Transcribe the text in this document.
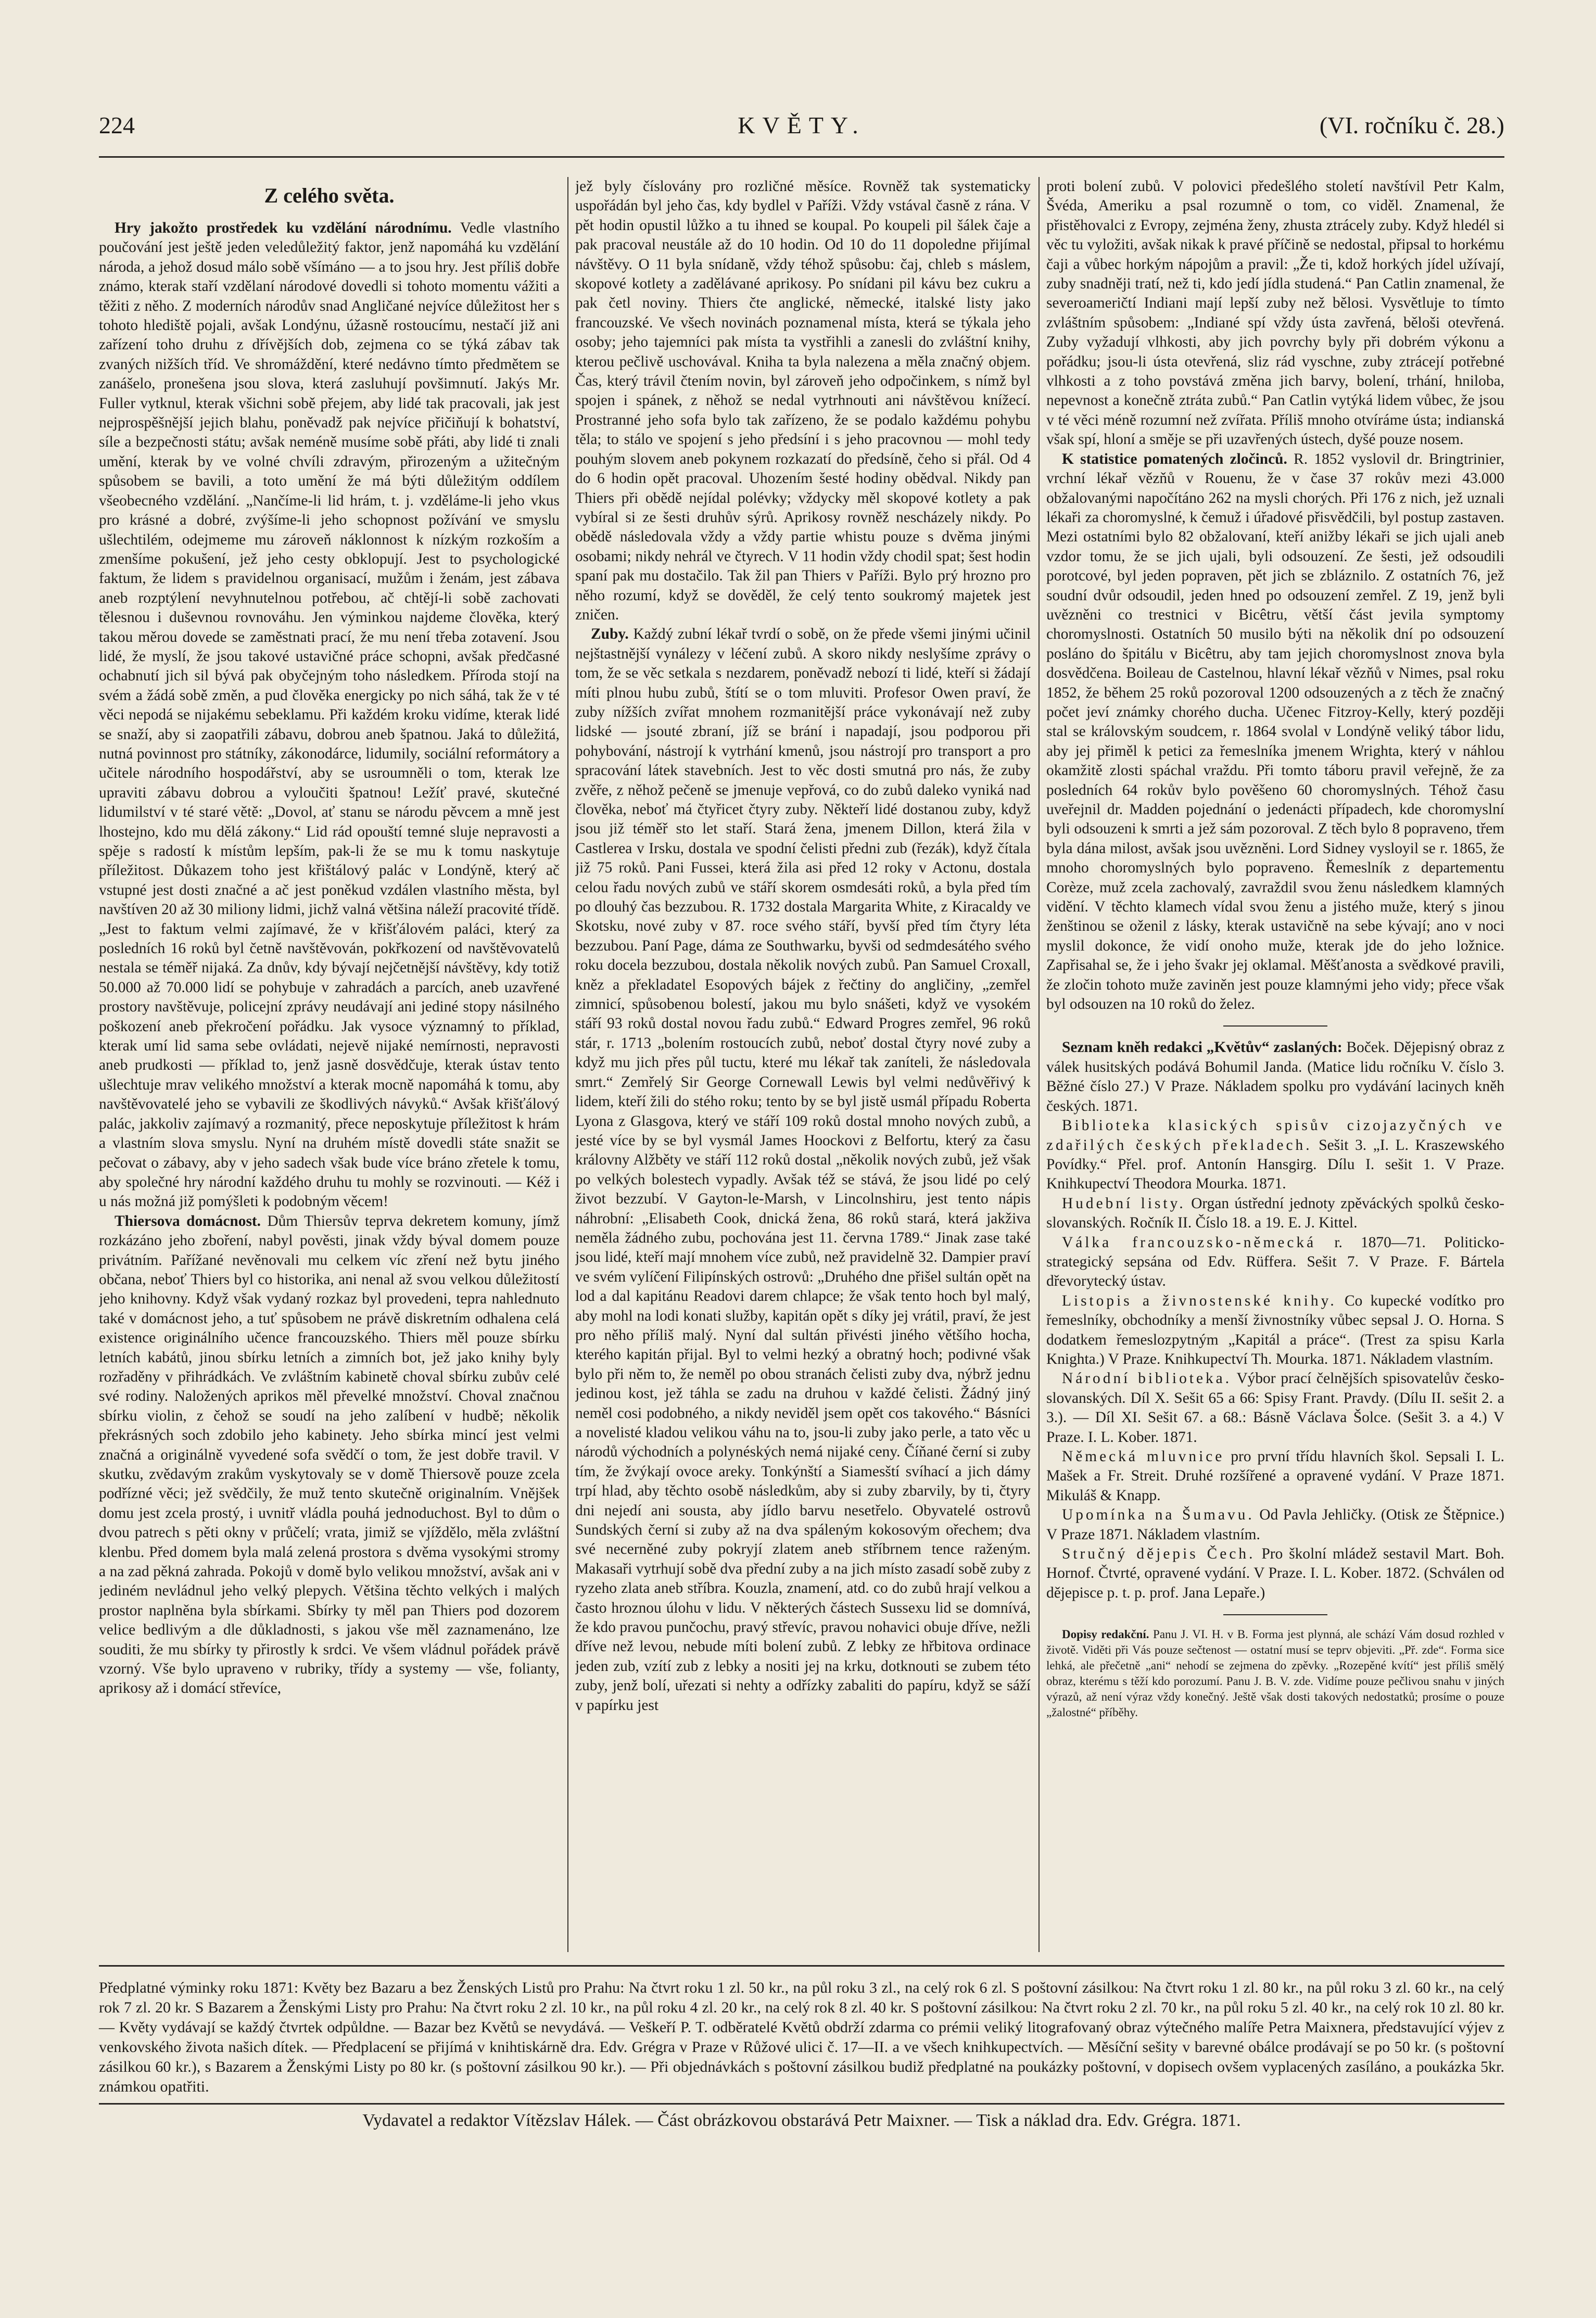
224	KVĚTY.	(VI. ročníku č. 28.)
Z celého světa.

Hry jakožto prostředek ku vzdělání národnímu. Vedle vlastního poučování jest ještě jeden veledůležitý faktor, jenž napomáhá ku vzdělání národa, a jehož dosud málo sobě všímáno — a to jsou hry. Jest příliš dobře známo, kterak staří vzdělaní národové dovedli si tohoto momentu vážiti a těžiti z něho. Z moderních národův snad Angličané nejvíce důležitost her s tohoto hlediště pojali, avšak Londýnu, úžasně rostoucímu, nestačí již ani zařízení toho druhu z dřívějších dob, zejmena co se týká zábav tak zvaných nižších tříd. Ve shromáždění, které nedávno tímto předmětem se zanášelo, pronešena jsou slova, která zasluhují povšimnutí. Jakýs Mr. Fuller vytknul, kterak všichni sobě přejem, aby lidé tak pracovali, jak jest nejprospěšnější jejich blahu, poněvadž pak nejvíce přičiňují k bohatství, síle a bezpečnosti státu; avšak neméně musíme sobě přáti, aby lidé ti znali umění, kterak by ve volné chvíli zdravým, přirozeným a užitečným spůsobem se bavili, a toto umění že má býti důležitým oddílem všeobecného vzdělání. „Nančíme-li lid hrám, t. j. vzděláme-li jeho vkus pro krásné a dobré, zvýšíme-li jeho schopnost požívání ve smyslu ušlechtilém, odejmeme mu zároveň náklonnost k nízkým rozkoším a zmenšíme pokušení, jež jeho cesty obklopují. Jest to psychologické faktum, že lidem s pravidelnou organisací, mužům i ženám, jest zábava aneb rozptýlení nevyhnutelnou potřebou, ač chtějí-li sobě zachovati tělesnou i duševnou rovnováhu. Jen výminkou najdeme člověka, který takou měrou dovede se zaměstnati prací, že mu není třeba zotavení. Jsou lidé, že myslí, že jsou takové ustavičné práce schopni, avšak předčasné ochabnutí jich sil bývá pak obyčejným toho následkem. Příroda stojí na svém a žádá sobě změn, a pud člověka energicky po nich sáhá, tak že v té věci nepodá se nijakému sebeklamu. Při každém kroku vidíme, kterak lidé se snaží, aby si zaopatřili zábavu, dobrou aneb špatnou. Jaká to důležitá, nutná povinnost pro státníky, zákonodárce, lidumily, sociální reformátory a učitele národního hospodářství, aby se usroumněli o tom, kterak lze upraviti zábavu dobrou a vyloučiti špatnou! Ležíť pravé, skutečné lidumilství v té staré větě: „Dovol, ať stanu se národu pěvcem a mně jest lhostejno, kdo mu dělá zákony.“ Lid rád opouští temné sluje nepravosti a spěje s radostí k místům lepším, pak-li že se mu k tomu naskytuje příležitost. Důkazem toho jest křištálový palác v Londýně, který ač vstupné jest dosti značné a ač jest poněkud vzdálen vlastního města, byl navštíven 20 až 30 miliony lidmi, jichž valná většina náleží pracovité třídě. „Jest to faktum velmi zajímavé, že v křišťálovém paláci, který za posledních 16 roků byl četně navštěvován, pokřkození od navštěvovatelů nestala se téměř nijaká. Za dnův, kdy bývají nejčetnější návštěvy, kdy totiž 50.000 až 70.000 lidí se pohybuje v zahradách a parcích, aneb uzavřené prostory navštěvuje, policejní zprávy neudávají ani jediné stopy násilného poškození aneb překročení pořádku. Jak vysoce významný to příklad, kterak umí lid sama sebe ovládati, nejevě nijaké nemírnosti, nepravosti aneb prudkosti — příklad to, jenž jasně dosvědčuje, kterak ústav tento ušlechtuje mrav velikého množství a kterak mocně napomáhá k tomu, aby navštěvovatelé jeho se vybavili ze škodlivých návyků.“ Avšak křišťálový palác, jakkoliv zajímavý a rozmanitý, přece neposkytuje příležitost k hrám a vlastním slova smyslu. Nyní na druhém místě dovedli státe snažit se pečovat o zábavy, aby v jeho sadech však bude více bráno zřetele k tomu, aby společné hry národní každého druhu tu mohly se rozvinouti. — Kéž i u nás možná již pomýšleti k podobným věcem!

Thiersova domácnost. Dům Thiersův teprva dekretem komuny, jímž rozkázáno jeho zboření, nabyl pověsti, jinak vždy býval domem pouze privátním. Pařížané nevěnovali mu celkem víc zření než bytu jiného občana, neboť Thiers byl co historika, ani nenal až svou velkou důležitostí jeho knihovny. Když však vydaný rozkaz byl provedeni, tepra nahlednuto také v domácnost jeho, a tuť spůsobem ne právě diskretním odhalena celá existence originálního učence francouzského. Thiers měl pouze sbírku letních kabátů, jinou sbírku letních a zimních bot, jež jako knihy byly rozřaděny v přihrádkách. Ve zvláštním kabinetě choval sbírku zubův celé své rodiny. Naložených aprikos měl převelké množství. Choval značnou sbírku violin, z čehož se soudí na jeho zalíbení v hudbě; několik překrásných soch zdobilo jeho kabinety. Jeho sbírka mincí jest velmi značná a originálně vyvedené sofa svědčí o tom, že jest dobře travil. V skutku, zvědavým zrakům vyskytovaly se v domě Thiersově pouze zcela podřízné věci; jež svědčily, že muž tento skutečně originalním. Vnějšek domu jest zcela prostý, i uvnitř vládla pouhá jednoduchost. Byl to dům o dvou patrech s pěti okny v průčelí; vrata, jimiž se vjíždělo, měla zvláštní klenbu. Před domem byla malá zelená prostora s dvěma vysokými stromy a na zad pěkná zahrada. Pokojů v domě bylo velikou množství, avšak ani v jediném nevládnul jeho velký plepych. Většina těchto velkých i malých prostor naplněna byla sbírkami. Sbírky ty měl pan Thiers pod dozorem velice bedlivým a dle důkladnosti, s jakou vše měl zaznamenáno, lze souditi, že mu sbírky ty přirostly k srdci. Ve všem vládnul pořádek právě vzorný. Vše bylo upraveno v rubriky, třídy a systemy — vše, folianty, aprikosy až i domácí střevíce,

jež byly číslovány pro rozličné měsíce. Rovněž tak systematicky uspořádán byl jeho čas, kdy bydlel v Paříži. Vždy vstával časně z rána. V pět hodin opustil lůžko a tu ihned se koupal. Po koupeli pil šálek čaje a pak pracoval neustále až do 10 hodin. Od 10 do 11 dopoledne přijímal návštěvy. O 11 byla snídaně, vždy téhož spůsobu: čaj, chleb s máslem, skopové kotlety a zadělávané aprikosy. Po snídani pil kávu bez cukru a pak četl noviny. Thiers čte anglické, německé, italské listy jako francouzské. Ve všech novinách poznamenal místa, která se týkala jeho osoby; jeho tajemníci pak místa ta vystřihli a zanesli do zvláštní knihy, kterou pečlivě uschovával. Kniha ta byla nalezena a měla značný objem. Čas, který trávil čtením novin, byl zároveň jeho odpočinkem, s nímž byl spojen i spánek, z něhož se nedal vytrhnouti ani návštěvou knížecí. Prostranné jeho sofa bylo tak zařízeno, že se podalo každému pohybu těla; to stálo ve spojení s jeho předsíní i s jeho pracovnou — mohl tedy pouhým slovem aneb pokynem rozkazatí do předsíně, čeho si přál. Od 4 do 6 hodin opět pracoval. Uhozením šesté hodiny obědval. Nikdy pan Thiers při obědě nejídal polévky; vždycky měl skopové kotlety a pak vybíral si ze šesti druhův sýrů. Aprikosy rovněž nescházely nikdy. Po obědě následovala vždy a vždy partie whistu pouze s dvěma jinými osobami; nikdy nehrál ve čtyrech. V 11 hodin vždy chodil spat; šest hodin spaní pak mu dostačilo. Tak žil pan Thiers v Paříži. Bylo prý hrozno pro něho rozumí, když se dověděl, že celý tento soukromý majetek jest zničen.

Zuby. Každý zubní lékař tvrdí o sobě, on že přede všemi jinými učinil nejštastnější vynálezy v léčení zubů. A skoro nikdy neslyšíme zprávy o tom, že se věc setkala s nezdarem, poněvadž nebozí ti lidé, kteří si žádají míti plnou hubu zubů, štítí se o tom mluviti. Profesor Owen praví, že zuby nížších zvířat mnohem rozmanitější práce vykonávají než zuby lidské — jsouté zbraní, jíž se brání i napadají, jsou podporou při pohybování, nástrojí k vytrhání kmenů, jsou nástrojí pro transport a pro spracování látek stavebních. Jest to věc dosti smutná pro nás, že zuby zvěře, z něhož pečeně se jmenuje vepřová, co do zubů daleko vyniká nad člověka, neboť má čtyřicet čtyry zuby. Někteří lidé dostanou zuby, když jsou již téměř sto let staří. Stará žena, jmenem Dillon, která žila v Castlerea v Irsku, dostala ve spodní čelisti předni zub (řezák), když čítala již 75 roků. Pani Fussei, která žila asi před 12 roky v Actonu, dostala celou řadu nových zubů ve stáří skorem osmdesáti roků, a byla před tím po dlouhý čas bezzubou. R. 1732 dostala Margarita White, z Kiracaldy ve Skotsku, nové zuby v 87. roce svého stáří, byvší před tím čtyry léta bezzubou. Paní Page, dáma ze Southwarku, byvši od sedmdesátého svého roku docela bezzubou, dostala několik nových zubů. Pan Samuel Croxall, kněz a překladatel Esopových bájek z řečtiny do angličiny, „zemřel zimnicí, spůsobenou bolestí, jakou mu bylo snášeti, když ve vysokém stáří 93 roků dostal novou řadu zubů.“ Edward Progres zemřel, 96 roků stár, r. 1713 „bolením rostoucích zubů, neboť dostal čtyry nové zuby a když mu jich přes půl tuctu, které mu lékař tak zaníteli, že následovala smrt.“ Zemřelý Sir George Cornewall Lewis byl velmi nedůvěřivý k lidem, kteří žili do stého roku; tento by se byl jistě usmál případu Roberta Lyona z Glasgova, který ve stáří 109 roků dostal mnoho nových zubů, a jesté více by se byl vysmál James Hoockovi z Belfortu, který za času královny Alžběty ve stáří 112 roků dostal „několik nových zubů, jež však po velkých bolestech vypadly. Avšak též se stává, že jsou lidé po celý život bezzubí. V Gayton-le-Marsh, v Lincolnshiru, jest tento nápis náhrobní: „Elisabeth Cook, dnická žena, 86 roků stará, která jakživa neměla žádného zubu, pochována jest 11. června 1789.“ Jinak zase také jsou lidé, kteří mají mnohem více zubů, než pravidelně 32. Dampier praví ve svém vylíčení Filipínských ostrovů: „Druhého dne přišel sultán opět na lod a dal kapitánu Readovi darem chlapce; že však tento hoch byl malý, aby mohl na lodi konati služby, kapitán opět s díky jej vrátil, praví, že jest pro něho příliš malý. Nyní dal sultán přivésti jiného většího hocha, kterého kapitán přijal. Byl to velmi hezký a obratný hoch; podivné však bylo při něm to, že neměl po obou stranách čelisti zuby dva, nýbrž jednu jedinou kost, jež táhla se zadu na druhou v každé čelisti. Žádný jiný neměl cosi podobného, a nikdy neviděl jsem opět cos takového.“ Básníci a novelisté kladou velikou váhu na to, jsou-li zuby jako perle, a tato věc u národů východních a polynéských nemá nijaké ceny. Číňané černí si zuby tím, že žvýkají ovoce areky. Tonkýnští a Siamesští svíhací a jich dámy trpí hlad, aby těchto osobě následkům, aby si zuby zbarvily, by ti, čtyry dni nejedí ani sousta, aby jídlo barvu nesetřelo. Obyvatelé ostrovů Sundských černí si zuby až na dva spáleným kokosovým ořechem; dva své necerněné zuby pokryjí zlatem aneb stříbrnem tence raženým. Makasaři vytrhují sobě dva přední zuby a na jich místo zasadí sobě zuby z ryzeho zlata aneb stříbra. Kouzla, znamení, atd. co do zubů hrají velkou a často hroznou úlohu v lidu. V některých částech Sussexu lid se domnívá, že kdo pravou punčochu, pravý střevíc, pravou nohavici obuje dříve, nežli dříve než levou, nebude míti bolení zubů. Z lebky ze hřbitova ordinace jeden zub, vzítí zub z lebky a nositi jej na krku, dotknouti se zubem této zuby, jenž bolí, uřezati si nehty a odřízky zabaliti do papíru, když se sáží v papírku jest

proti bolení zubů. V polovici předešlého století navštívil Petr Kalm, Švéda, Ameriku a psal rozumně o tom, co viděl. Znamenal, že přistěhovalci z Evropy, zejména ženy, zhusta ztrácely zuby. Když hledél si věc tu vyložiti, avšak nikak k pravé příčině se nedostal, připsal to horkému čaji a vůbec horkým nápojům a pravil: „Že ti, kdož horkých jídel užívají, zuby snadněji tratí, než ti, kdo jedí jídla studená.“ Pan Catlin znamenal, že severoameričtí Indiani mají lepší zuby než bělosi. Vysvětluje to tímto zvláštním spůsobem: „Indiané spí vždy ústa zavřená, běloši otevřená. Zuby vyžadují vlhkosti, aby jich povrchy byly při dobrém výkonu a pořádku; jsou-li ústa otevřená, sliz rád vyschne, zuby ztrácejí potřebné vlhkosti a z toho povstává změna jich barvy, bolení, trhání, hniloba, nepevnost a konečně ztráta zubů.“ Pan Catlin vytýká lidem vůbec, že jsou v té věci méně rozumní než zvířata. Příliš mnoho otvíráme ústa; indianská však spí, hloní a směje se při uzavřených ústech, dyšé pouze nosem.

K statistice pomatených zločinců. R. 1852 vyslovil dr. Bringtrinier, vrchní lékař vězňů v Rouenu, že v čase 37 rokův mezi 43.000 obžalovanými napočítáno 262 na mysli chorých. Při 176 z nich, jež uznali lékaři za choromyslné, k čemuž i úřadové přisvědčili, byl postup zastaven. Mezi ostatními bylo 82 obžalovaní, kteří anižby lékaři se jich ujali aneb vzdor tomu, že se jich ujali, byli odsouzení. Ze šesti, jež odsoudili porotcové, byl jeden popraven, pět jich se zbláznilo. Z ostatních 76, jež soudní dvůr odsoudil, jeden hned po odsouzení zemřel. Z 19, jenž byli uvězněni co trestnici v Bicêtru, větší část jevila symptomy choromyslnosti. Ostatních 50 musilo býti na několik dní po odsouzení posláno do špitálu v Bicêtru, aby tam jejich choromyslnost znova byla dosvědčena. Boileau de Castelnou, hlavní lékař vězňů v Nimes, psal roku 1852, že během 25 roků pozoroval 1200 odsouzených a z těch že značný počet jeví známky chorého ducha. Učenec Fitzroy-Kelly, který později stal se královským soudcem, r. 1864 svolal v Londýně veliký tábor lidu, aby jej přiměl k petici za řemeslníka jmenem Wrighta, který v náhlou okamžitě zlosti spáchal vraždu. Při tomto táboru pravil veřejně, že za posledních 64 rokův bylo pověšeno 60 choromyslných. Téhož času uveřejnil dr. Madden pojednání o jedenácti případech, kde choromyslní byli odsouzeni k smrti a jež sám pozoroval. Z těch bylo 8 popraveno, třem byla dána milost, avšak jsou uvězněni. Lord Sidney vysloyil se r. 1865, že mnoho choromyslných bylo popraveno. Řemeslník z departementu Corèze, muž zcela zachovalý, zavraždil svou ženu následkem klamných vidění. V těchto klamech vídal svou ženu a jistého muže, který s jinou ženštinou se oženil z lásky, kterak ustavičně na sebe kývají; ano v noci myslil dokonce, že vidí onoho muže, kterak jde do jeho ložnice. Zapřisahal se, že i jeho švakr jej oklamal. Měšťanosta a svědkové pravili, že zločin tohoto muže zaviněn jest pouze klamnými jeho vidy; přece však byl odsouzen na 10 roků do želez.

Seznam kněh redakci „Květův“ zaslaných: Boček. Dějepisný obraz z válek husitských podává Bohumil Janda. (Matice lidu ročníku V. číslo 3. Běžné číslo 27.) V Praze. Nákladem spolku pro vydávání lacinych kněh českých. 1871.

Biblioteka klasických spisův cizojazyčných ve zdařilých českých překladech. Sešit 3. „I. L. Kraszewského Povídky.“ Přel. prof. Antonín Hansgirg. Dílu I. sešit 1. V Praze. Knihkupectví Theodora Mourka. 1871.

Hudební listy. Organ ústřední jednoty zpěváckých spolků česko-slovanských. Ročník II. Číslo 18. a 19. E. J. Kittel.

Válka francouzsko-německá r. 1870—71. Politicko-strategický sepsána od Edv. Rüffera. Sešit 7. V Praze. F. Bártela dřevorytecký ústav.

Listopis a živnostenské knihy. Co kupecké vodítko pro řemeslníky, obchodníky a menší živnostníky vůbec sepsal J. O. Horna. S dodatkem řemeslozpytným „Kapitál a práce“. (Trest za spisu Karla Knighta.) V Praze. Knihkupectví Th. Mourka. 1871. Nákladem vlastním.

Národní biblioteka. Výbor prací čelnějších spisovatelův česko-slovanských. Díl X. Sešit 65 a 66: Spisy Frant. Pravdy. (Dílu II. sešit 2. a 3.). — Díl XI. Sešit 67. a 68.: Básně Václava Šolce. (Sešit 3. a 4.) V Praze. I. L. Kober. 1871.

Německá mluvnice pro první třídu hlavních škol. Sepsali I. L. Mašek a Fr. Streit. Druhé rozšířené a opravené vydání. V Praze 1871. Mikuláš & Knapp.

Upomínka na Šumavu. Od Pavla Jehličky. (Otisk ze Štěpnice.) V Praze 1871. Nákladem vlastním.

Stručný dějepis Čech. Pro školní mládež sestavil Mart. Boh. Hornof. Čtvrté, opravené vydání. V Praze. I. L. Kober. 1872. (Schválen od dějepisce p. t. p. prof. Jana Lepaře.)

Dopisy redakční. Panu J. VI. H. v B. Forma jest plynná, ale schází Vám dosud rozhled v životě. Viděti při Vás pouze sečtenost — ostatní musí se teprv objeviti. „Př. zde“. Forma sice lehká, ale přečetně „ani“ nehodí se zejmena do zpěvky. „Rozepěné kvítí“ jest příliš smělý obraz, kterému s těží kdo porozumí. Panu J. B. V. zde. Vidíme pouze pečlivou snahu v jiných výrazů, až není výraz vždy konečný. Ještě však dosti takových nedostatků; prosíme o pouze „žalostné“ příběhy.

Předplatné výminky roku 1871: Květy bez Bazaru a bez Ženských Listů pro Prahu: Na čtvrt roku 1 zl. 50 kr., na půl roku 3 zl., na celý rok 6 zl. S poštovní zásilkou: Na čtvrt roku 1 zl. 80 kr., na půl roku 3 zl. 60 kr., na celý rok 7 zl. 20 kr. S Bazarem a Ženskými Listy pro Prahu: Na čtvrt roku 2 zl. 10 kr., na půl roku 4 zl. 20 kr., na celý rok 8 zl. 40 kr. S poštovní zásilkou: Na čtvrt roku 2 zl. 70 kr., na půl roku 5 zl. 40 kr., na celý rok 10 zl. 80 kr. — Květy vydávají se každý čtvrtek odpůldne. — Bazar bez Květů se nevydává. — Veškeří P. T. odběratelé Květů obdrží zdarma co prémii veliký litografovaný obraz výtečného malíře Petra Maixnera, představující výjev z venkovského života našich dítek. — Předplacení se přijímá v knihtiskárně dra. Edv. Grégra v Praze v Růžové ulici č. 17—II. a ve všech knihkupectvích. — Měsíční sešity v barevné obálce prodávají se po 50 kr. (s poštovní zásilkou 60 kr.), s Bazarem a Ženskými Listy po 80 kr. (s poštovní zásilkou 90 kr.). — Při objednávkách s poštovní zásilkou budiž předplatné na poukázky poštovní, v dopisech ovšem vyplacených zasíláno, a poukázka 5kr. známkou opatřiti.
Vydavatel a redaktor Vítězslav Hálek. — Část obrázkovou obstarává Petr Maixner. — Tisk a náklad dra. Edv. Grégra. 1871.
